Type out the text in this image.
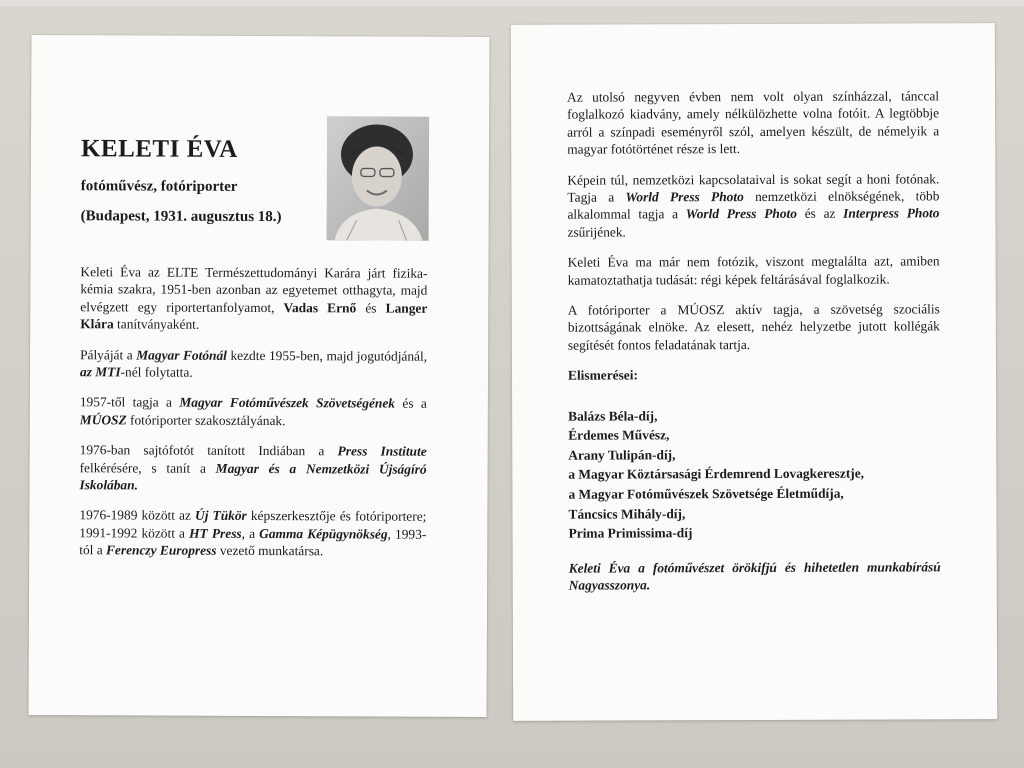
KELETI ÉVA
fotóművész, fotóriporter
(Budapest, 1931. augusztus 18.)

Keleti Éva az ELTE Természettudományi Karára járt fizika-kémia szakra, 1951-ben azonban az egyetemet otthagyta, majd elvégzett egy riportertanfolyamot, Vadas Ernő és Langer Klára tanítványaként.

Pályáját a Magyar Fotónál kezdte 1955-ben, majd jogutódjánál, az MTI-nél folytatta.

1957-től tagja a Magyar Fotóművészek Szövetségének és a MÚOSZ fotóriporter szakosztályának.

1976-ban sajtófotót tanított Indiában a Press Institute felkérésére, s tanít a Magyar és a Nemzetközi Újságíró Iskolában.

1976-1989 között az Új Tükör képszerkesztője és fotóriportere; 1991-1992 között a HT Press, a Gamma Képügynökség, 1993-tól a Ferenczy Europress vezető munkatársa.

Az utolsó negyven évben nem volt olyan színházzal, tánccal foglalkozó kiadvány, amely nélkülözhette volna fotóit. A legtöbbje arról a színpadi eseményről szól, amelyen készült, de némelyik a magyar fotótörténet része is lett.

Képein túl, nemzetközi kapcsolataival is sokat segít a honi fotónak. Tagja a World Press Photo nemzetközi elnökségének, több alkalommal tagja a World Press Photo és az Interpress Photo zsűrijének.

Keleti Éva ma már nem fotózik, viszont megtalálta azt, amiben kamatoztathatja tudását: régi képek feltárásával foglalkozik.

A fotóriporter a MÚOSZ aktív tagja, a szövetség szociális bizottságának elnöke. Az elesett, nehéz helyzetbe jutott kollégák segítését fontos feladatának tartja.

Elismerései:
Balázs Béla-díj,
Érdemes Művész,
Arany Tulipán-díj,
a Magyar Köztársasági Érdemrend Lovagkeresztje,
a Magyar Fotóművészek Szövetsége Életműdíja,
Táncsics Mihály-díj,
Prima Primissima-díj

Keleti Éva a fotóművészet örökifjú és hihetetlen munkabírású Nagyasszonya.
